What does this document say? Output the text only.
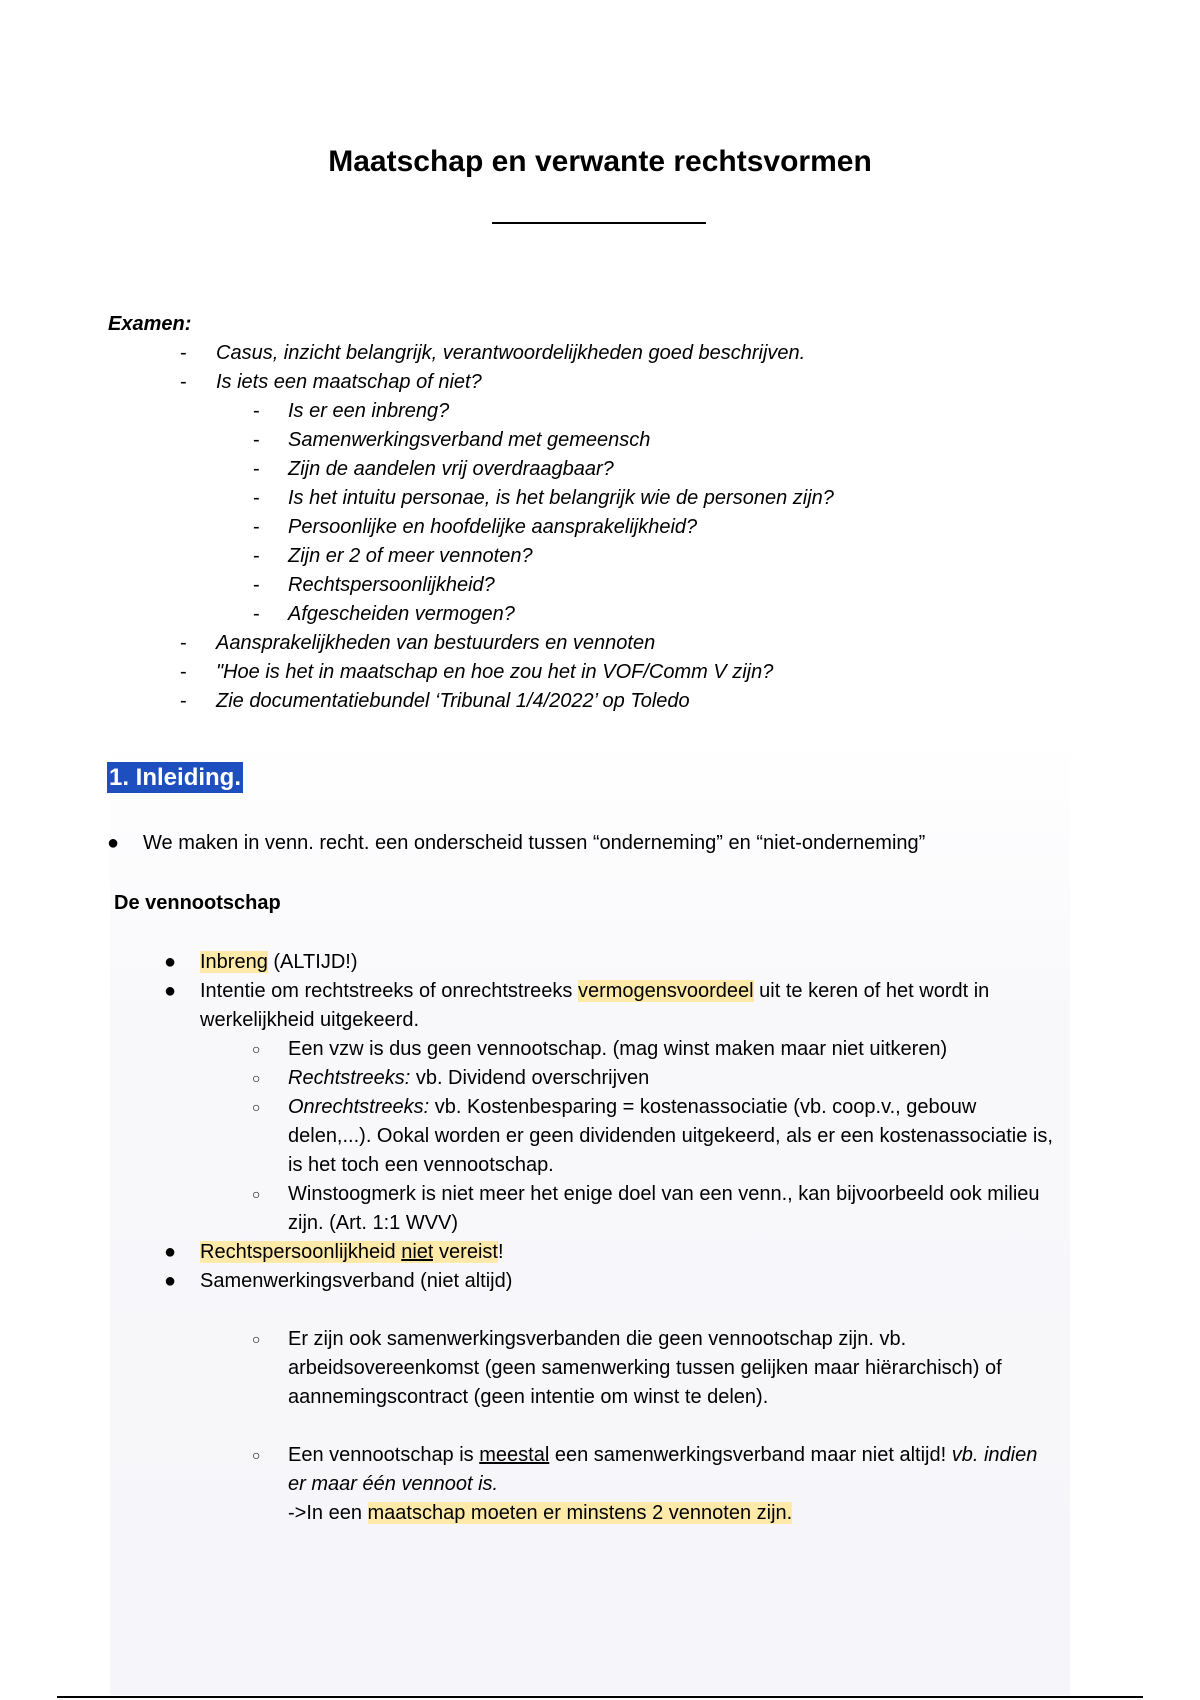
Maatschap en verwante rechtsvormen
Examen:
- Casus, inzicht belangrijk, verantwoordelijkheden goed beschrijven.
- Is iets een maatschap of niet?
- Is er een inbreng?
- Samenwerkingsverband met gemeensch
- Zijn de aandelen vrij overdraagbaar?
- Is het intuitu personae, is het belangrijk wie de personen zijn?
- Persoonlijke en hoofdelijke aansprakelijkheid?
- Zijn er 2 of meer vennoten?
- Rechtspersoonlijkheid?
- Afgescheiden vermogen?
- Aansprakelijkheden van bestuurders en vennoten
- "Hoe is het in maatschap en hoe zou het in VOF/Comm V zijn?
- Zie documentatiebundel ‘Tribunal 1/4/2022’ op Toledo
1. Inleiding.
● We maken in venn. recht. een onderscheid tussen “onderneming” en “niet-onderneming”
De vennootschap
● Inbreng (ALTIJD!)
● Intentie om rechtstreeks of onrechtstreeks vermogensvoordeel uit te keren of het wordt in werkelijkheid uitgekeerd.
○ Een vzw is dus geen vennootschap. (mag winst maken maar niet uitkeren)
○ Rechtstreeks: vb. Dividend overschrijven
○ Onrechtstreeks: vb. Kostenbesparing = kostenassociatie (vb. coop.v., gebouw delen,...). Ookal worden er geen dividenden uitgekeerd, als er een kostenassociatie is, is het toch een vennootschap.
○ Winstoogmerk is niet meer het enige doel van een venn., kan bijvoorbeeld ook milieu zijn. (Art. 1:1 WVV)
● Rechtspersoonlijkheid niet vereist!
● Samenwerkingsverband (niet altijd)
○ Er zijn ook samenwerkingsverbanden die geen vennootschap zijn. vb. arbeidsovereenkomst (geen samenwerking tussen gelijken maar hiërarchisch) of aannemingscontract (geen intentie om winst te delen).
○ Een vennootschap is meestal een samenwerkingsverband maar niet altijd! vb. indien er maar één vennoot is.
->In een maatschap moeten er minstens 2 vennoten zijn.
